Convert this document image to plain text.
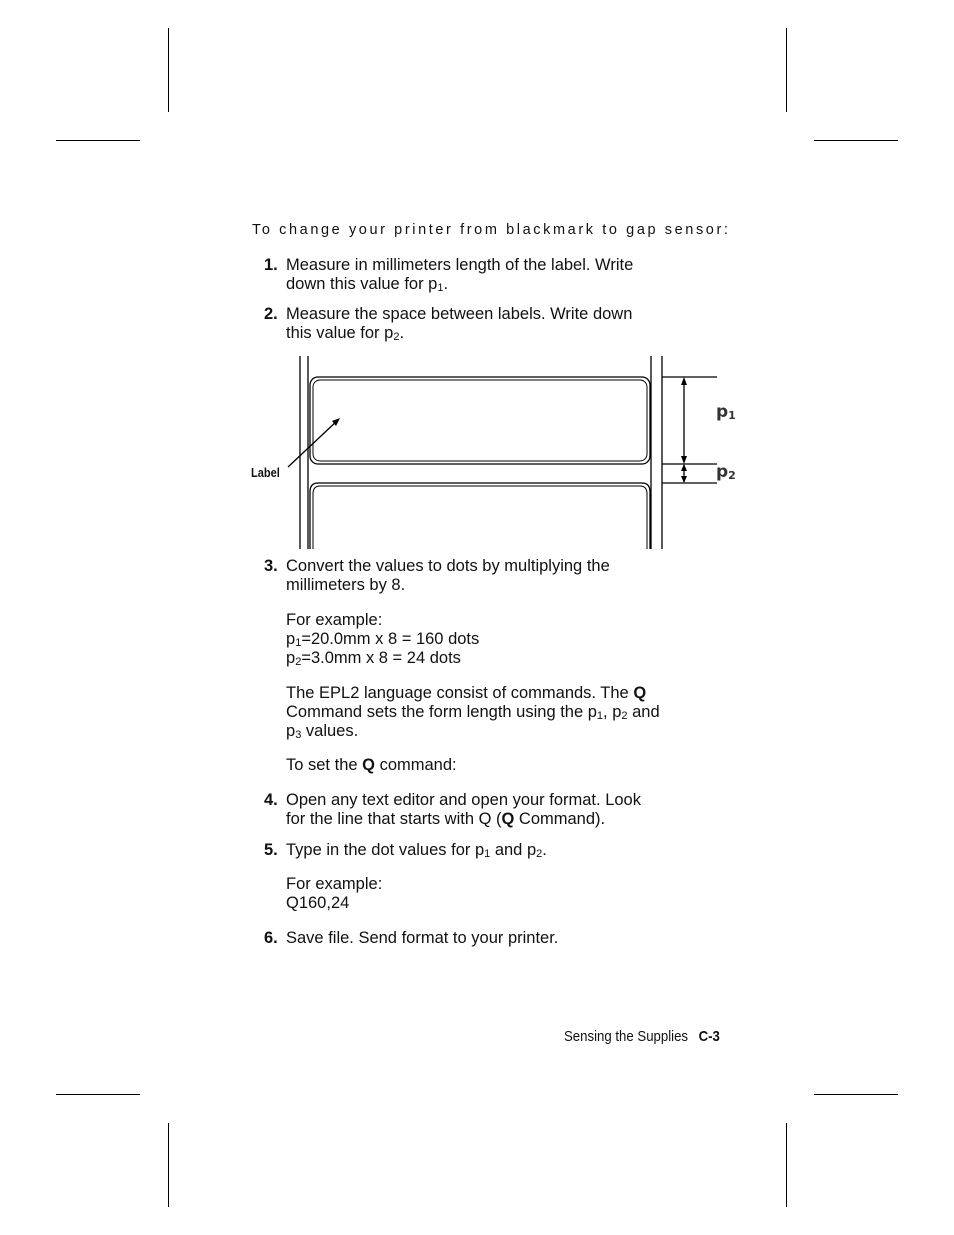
To change your printer from blackmark to gap sensor:
1. Measure in millimeters length of the label. Write
down this value for $p_1$.
2. Measure the space between labels. Write down
this value for $p_2$.
Label
$p_1$
$p_2$
3. Convert the values to dots by multiplying the
millimeters by 8.
For example:
$p_1=20.0mm$ x 8 = 160 dots
$p_2=3.0mm$ x 8 = 24 dots
The EPL2 language consist of commands. The Q
Command sets the form length using the $p_1$, $p_2$ and
$p_3$ values.
To set the Q command:
4. Open any text editor and open your format. Look
for the line that starts with Q (Q Command).
5. Type in the dot values for $p_1$ and $p_2$.
For example:
Q160,24
6. Save file. Send format to your printer.
Sensing the Supplies C-3
